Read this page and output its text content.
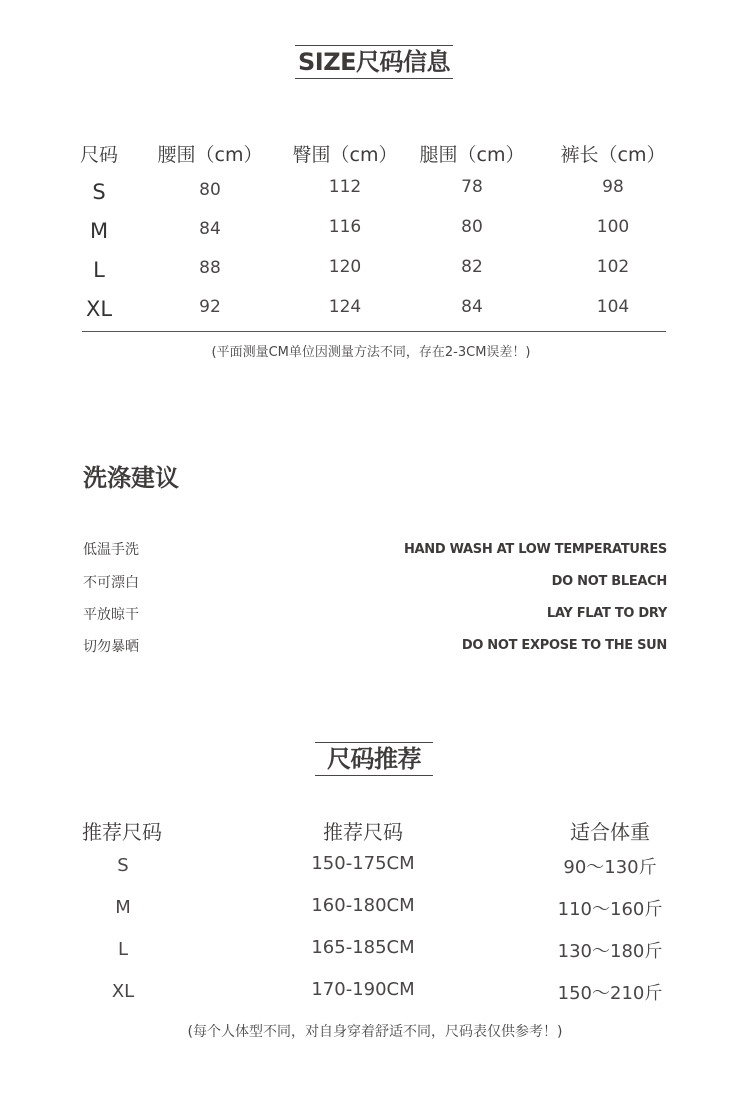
SIZE尺码信息
尺码 腰围（cm） 臀围（cm） 腿围（cm） 裤长（cm）
S	80	112	78	98
M	84	116	80	100
L	88	120	82	102
XL	92	124	84	104
(平面测量CM单位因测量方法不同，存在2-3CM误差！)
洗涤建议
低温手洗	HAND WASH AT LOW TEMPERATURES
不可漂白	DO NOT BLEACH
平放晾干	LAY FLAT TO DRY
切勿暴晒	DO NOT EXPOSE TO THE SUN
尺码推荐
推荐尺码	推荐尺码	适合体重
S	150-175CM	90～130斤
M	160-180CM	110～160斤
L	165-185CM	130～180斤
XL	170-190CM	150～210斤
(每个人体型不同，对自身穿着舒适不同，尺码表仅供参考！)
